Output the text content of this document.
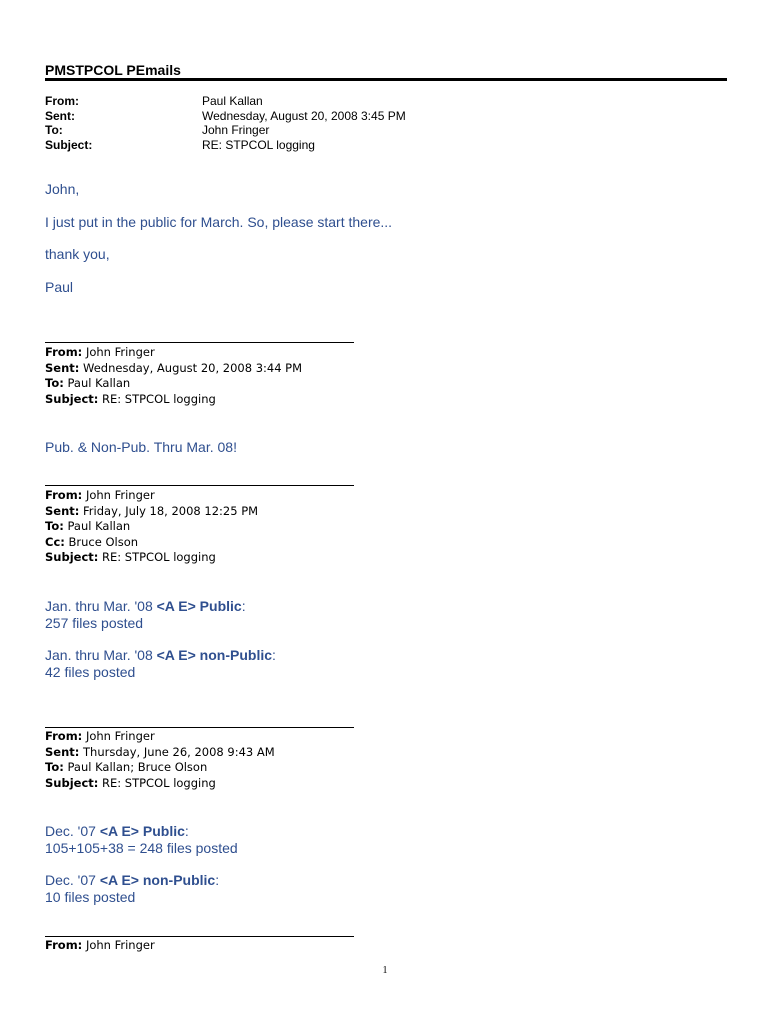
PMSTPCOL PEmails
From:	Paul Kallan
Sent:	Wednesday, August 20, 2008 3:45 PM
To:	John Fringer
Subject:	RE: STPCOL logging
John,
I just put in the public for March. So, please start there...
thank you,
Paul
From: John Fringer
Sent: Wednesday, August 20, 2008 3:44 PM
To: Paul Kallan
Subject: RE: STPCOL logging
Pub. & Non-Pub. Thru Mar. 08!
From: John Fringer
Sent: Friday, July 18, 2008 12:25 PM
To: Paul Kallan
Cc: Bruce Olson
Subject: RE: STPCOL logging
Jan. thru Mar. '08 <A E> Public:
257 files posted
Jan. thru Mar. '08 <A E> non-Public:
42 files posted
From: John Fringer
Sent: Thursday, June 26, 2008 9:43 AM
To: Paul Kallan; Bruce Olson
Subject: RE: STPCOL logging
Dec. '07 <A E> Public:
105+105+38 = 248 files posted
Dec. '07 <A E> non-Public:
10 files posted
From: John Fringer
1
